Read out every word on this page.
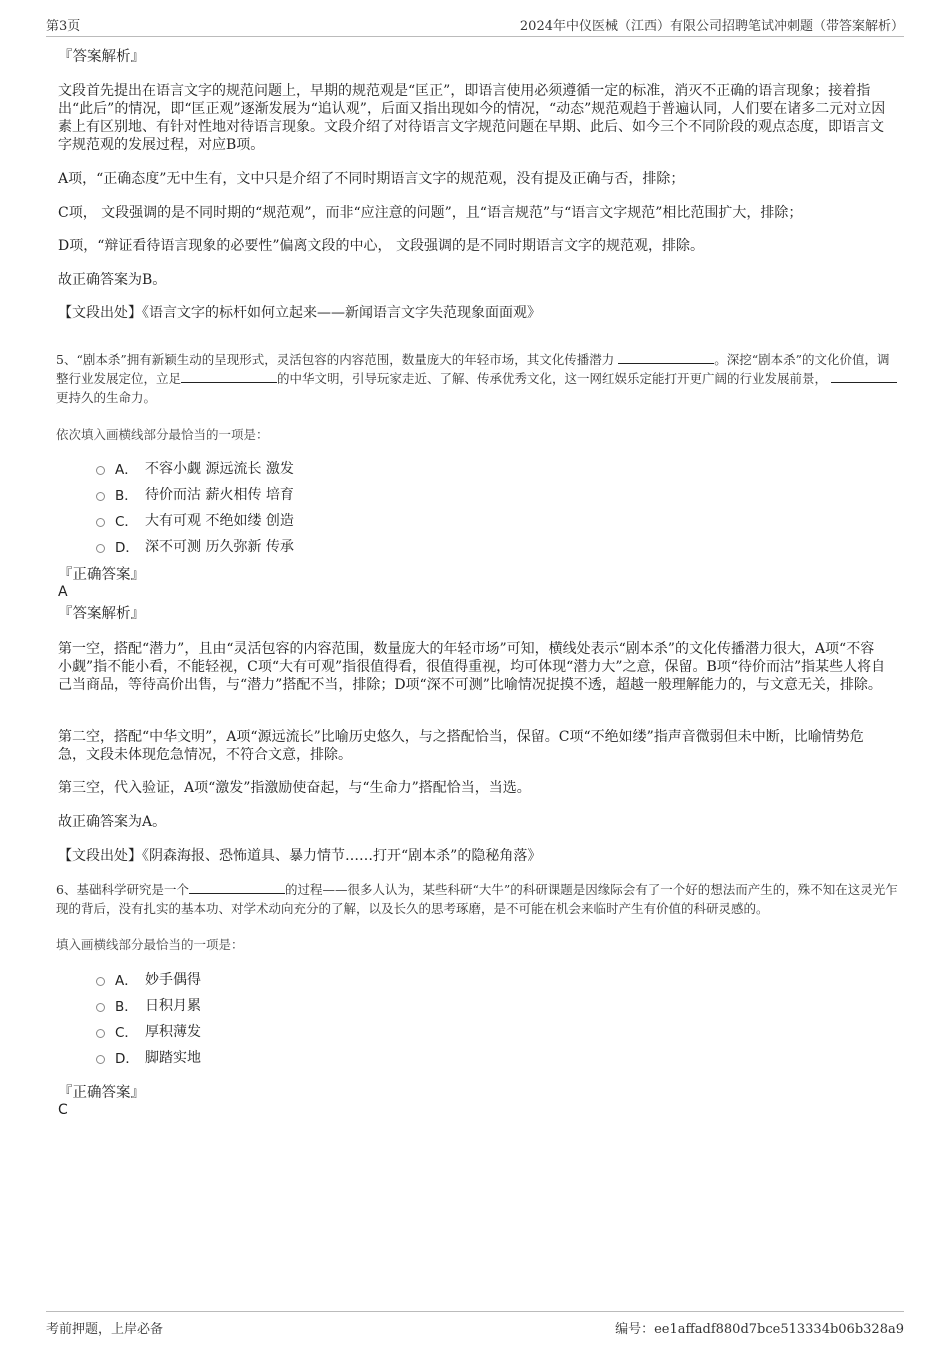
第3页	2024年中仪医械（江西）有限公司招聘笔试冲刺题（带答案解析）
『答案解析』
文段首先提出在语言文字的规范问题上，早期的规范观是“匡正”，即语言使用必须遵循一定的标准，消灭不正确的语言现象；接着指出“此后”的情况，即“匡正观”逐渐发展为“追认观”，后面又指出现如今的情况，“动态”规范观趋于普遍认同，人们要在诸多二元对立因素上有区别地、有针对性地对待语言现象。文段介绍了对待语言文字规范问题在早期、此后、如今三个不同阶段的观点态度，即语言文字规范观的发展过程，对应B项。
A项，“正确态度”无中生有，文中只是介绍了不同时期语言文字的规范观，没有提及正确与否，排除；
C项， 文段强调的是不同时期的“规范观”，而非“应注意的问题”，且“语言规范”与“语言文字规范”相比范围扩大，排除；
D项，“辩证看待语言现象的必要性”偏离文段的中心， 文段强调的是不同时期语言文字的规范观，排除。
故正确答案为B。
【文段出处】《语言文字的标杆如何立起来——新闻语言文字失范现象面面观》
5、“剧本杀”拥有新颖生动的呈现形式，灵活包容的内容范围，数量庞大的年轻市场，其文化传播潜力	。深挖“剧本杀”的文化价值，调整行业发展定位，立足	的中华文明，引导玩家走近、了解、传承优秀文化，这一网红娱乐定能打开更广阔的行业发展前景， 更持久的生命力。
依次填入画横线部分最恰当的一项是：
A． 不容小觑 源远流长 激发
B． 待价而沽 薪火相传 培育
C． 大有可观 不绝如缕 创造
D． 深不可测 历久弥新 传承
『正确答案』
A
『答案解析』
第一空，搭配“潜力”，且由“灵活包容的内容范围，数量庞大的年轻市场”可知，横线处表示“剧本杀”的文化传播潜力很大，A项“不容小觑”指不能小看，不能轻视，C项“大有可观”指很值得看，很值得重视，均可体现“潜力大”之意，保留。B项“待价而沽”指某些人将自己当商品，等待高价出售，与“潜力”搭配不当，排除；D项“深不可测”比喻情况捉摸不透，超越一般理解能力的，与文意无关，排除。
第二空，搭配“中华文明”，A项“源远流长”比喻历史悠久，与之搭配恰当，保留。C项“不绝如缕”指声音微弱但未中断，比喻情势危急，文段未体现危急情况，不符合文意，排除。
第三空，代入验证，A项“激发”指激励使奋起，与“生命力”搭配恰当，当选。
故正确答案为A。
【文段出处】《阴森海报、恐怖道具、暴力情节……打开“剧本杀”的隐秘角落》
6、基础科学研究是一个	的过程——很多人认为，某些科研“大牛”的科研课题是因缘际会有了一个好的想法而产生的，殊不知在这灵光乍现的背后，没有扎实的基本功、对学术动向充分的了解，以及长久的思考琢磨，是不可能在机会来临时产生有价值的科研灵感的。
填入画横线部分最恰当的一项是：
A． 妙手偶得
B． 日积月累
C． 厚积薄发
D． 脚踏实地
『正确答案』
C
考前押题，上岸必备	编号：ee1affadf880d7bce513334b06b328a9
